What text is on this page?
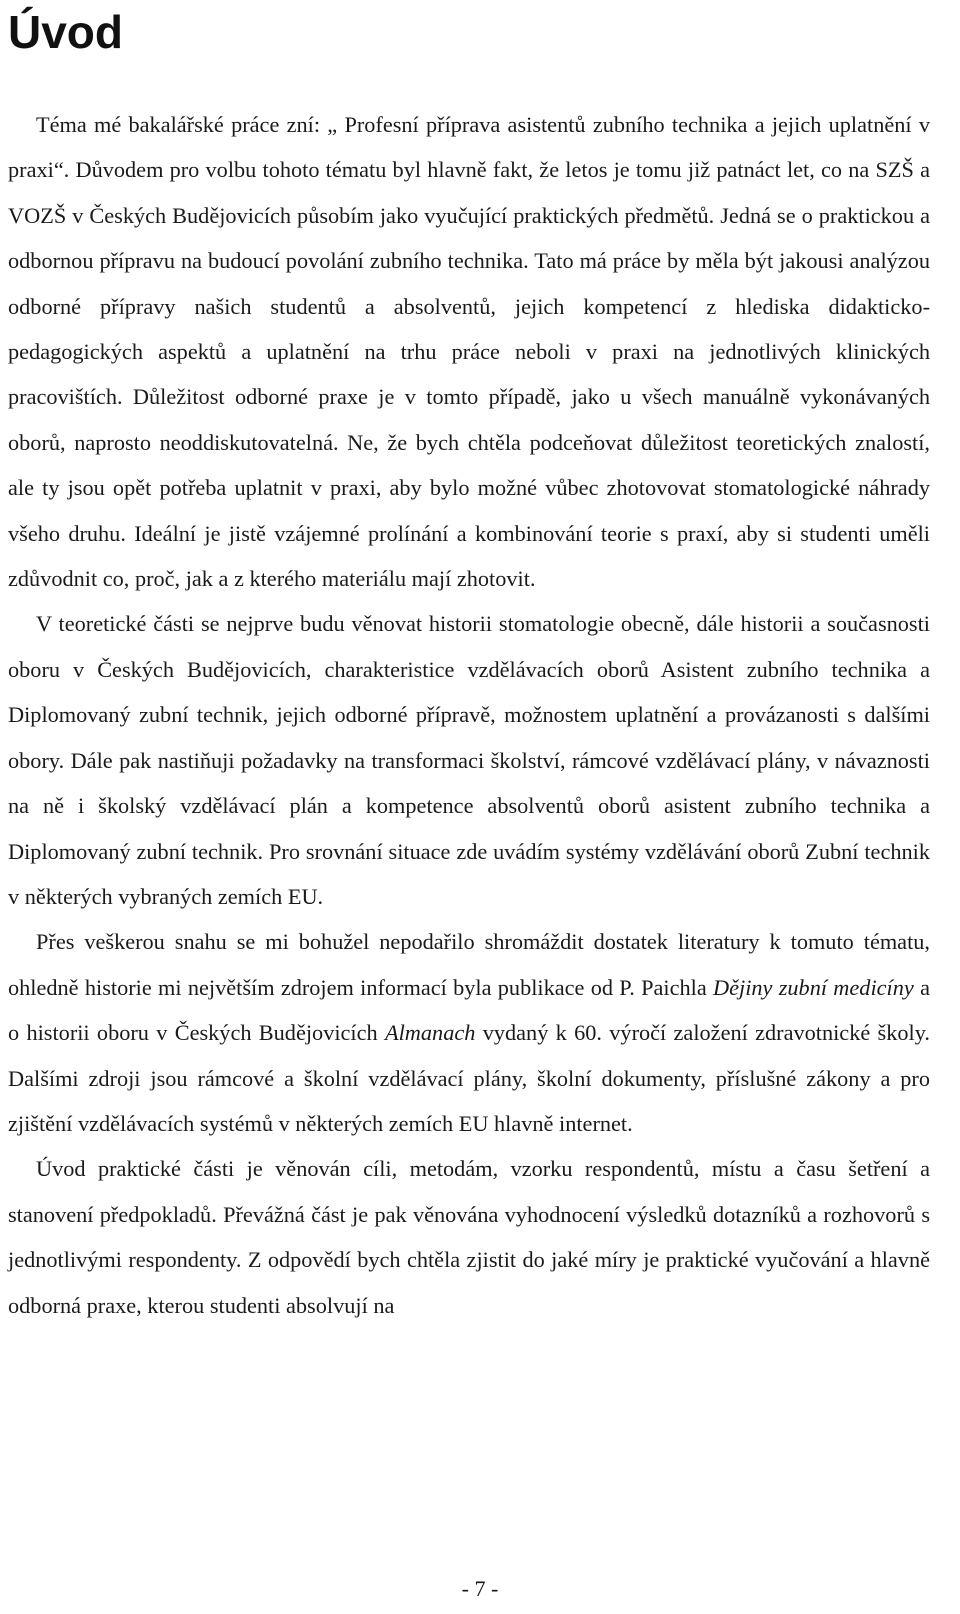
Úvod

Téma mé bakalářské práce zní: „ Profesní příprava asistentů zubního technika a jejich uplatnění v praxi“. Důvodem pro volbu tohoto tématu byl hlavně fakt, že letos je tomu již patnáct let, co na SZŠ a VOZŠ v Českých Budějovicích působím jako vyučující praktických předmětů. Jedná se o praktickou a odbornou přípravu na budoucí povolání zubního technika. Tato má práce by měla být jakousi analýzou odborné přípravy našich studentů a absolventů, jejich kompetencí z hlediska didakticko-pedagogických aspektů a uplatnění na trhu práce neboli v praxi na jednotlivých klinických pracovištích. Důležitost odborné praxe je v tomto případě, jako u všech manuálně vykonávaných oborů, naprosto neoddiskutovatelná. Ne, že bych chtěla podceňovat důležitost teoretických znalostí, ale ty jsou opět potřeba uplatnit v praxi, aby bylo možné vůbec zhotovovat stomatologické náhrady všeho druhu. Ideální je jistě vzájemné prolínání a kombinování teorie s praxí, aby si studenti uměli zdůvodnit co, proč, jak a z kterého materiálu mají zhotovit.

V teoretické části se nejprve budu věnovat historii stomatologie obecně, dále historii a současnosti oboru v Českých Budějovicích, charakteristice vzdělávacích oborů Asistent zubního technika a Diplomovaný zubní technik, jejich odborné přípravě, možnostem uplatnění a provázanosti s dalšími obory. Dále pak nastiňuji požadavky na transformaci školství, rámcové vzdělávací plány, v návaznosti na ně i školský vzdělávací plán a kompetence absolventů oborů asistent zubního technika a Diplomovaný zubní technik. Pro srovnání situace zde uvádím systémy vzdělávání oborů Zubní technik v některých vybraných zemích EU.

Přes veškerou snahu se mi bohužel nepodařilo shromáždit dostatek literatury k tomuto tématu, ohledně historie mi největším zdrojem informací byla publikace od P. Paichla Dějiny zubní medicíny a o historii oboru v Českých Budějovicích Almanach vydaný k 60. výročí založení zdravotnické školy. Dalšími zdroji jsou rámcové a školní vzdělávací plány, školní dokumenty, příslušné zákony a pro zjištění vzdělávacích systémů v některých zemích EU hlavně internet.

Úvod praktické části je věnován cíli, metodám, vzorku respondentů, místu a času šetření a stanovení předpokladů. Převážná část je pak věnována vyhodnocení výsledků dotazníků a rozhovorů s jednotlivými respondenty. Z odpovědí bych chtěla zjistit do jaké míry je praktické vyučování a hlavně odborná praxe, kterou studenti absolvují na

- 7 -
